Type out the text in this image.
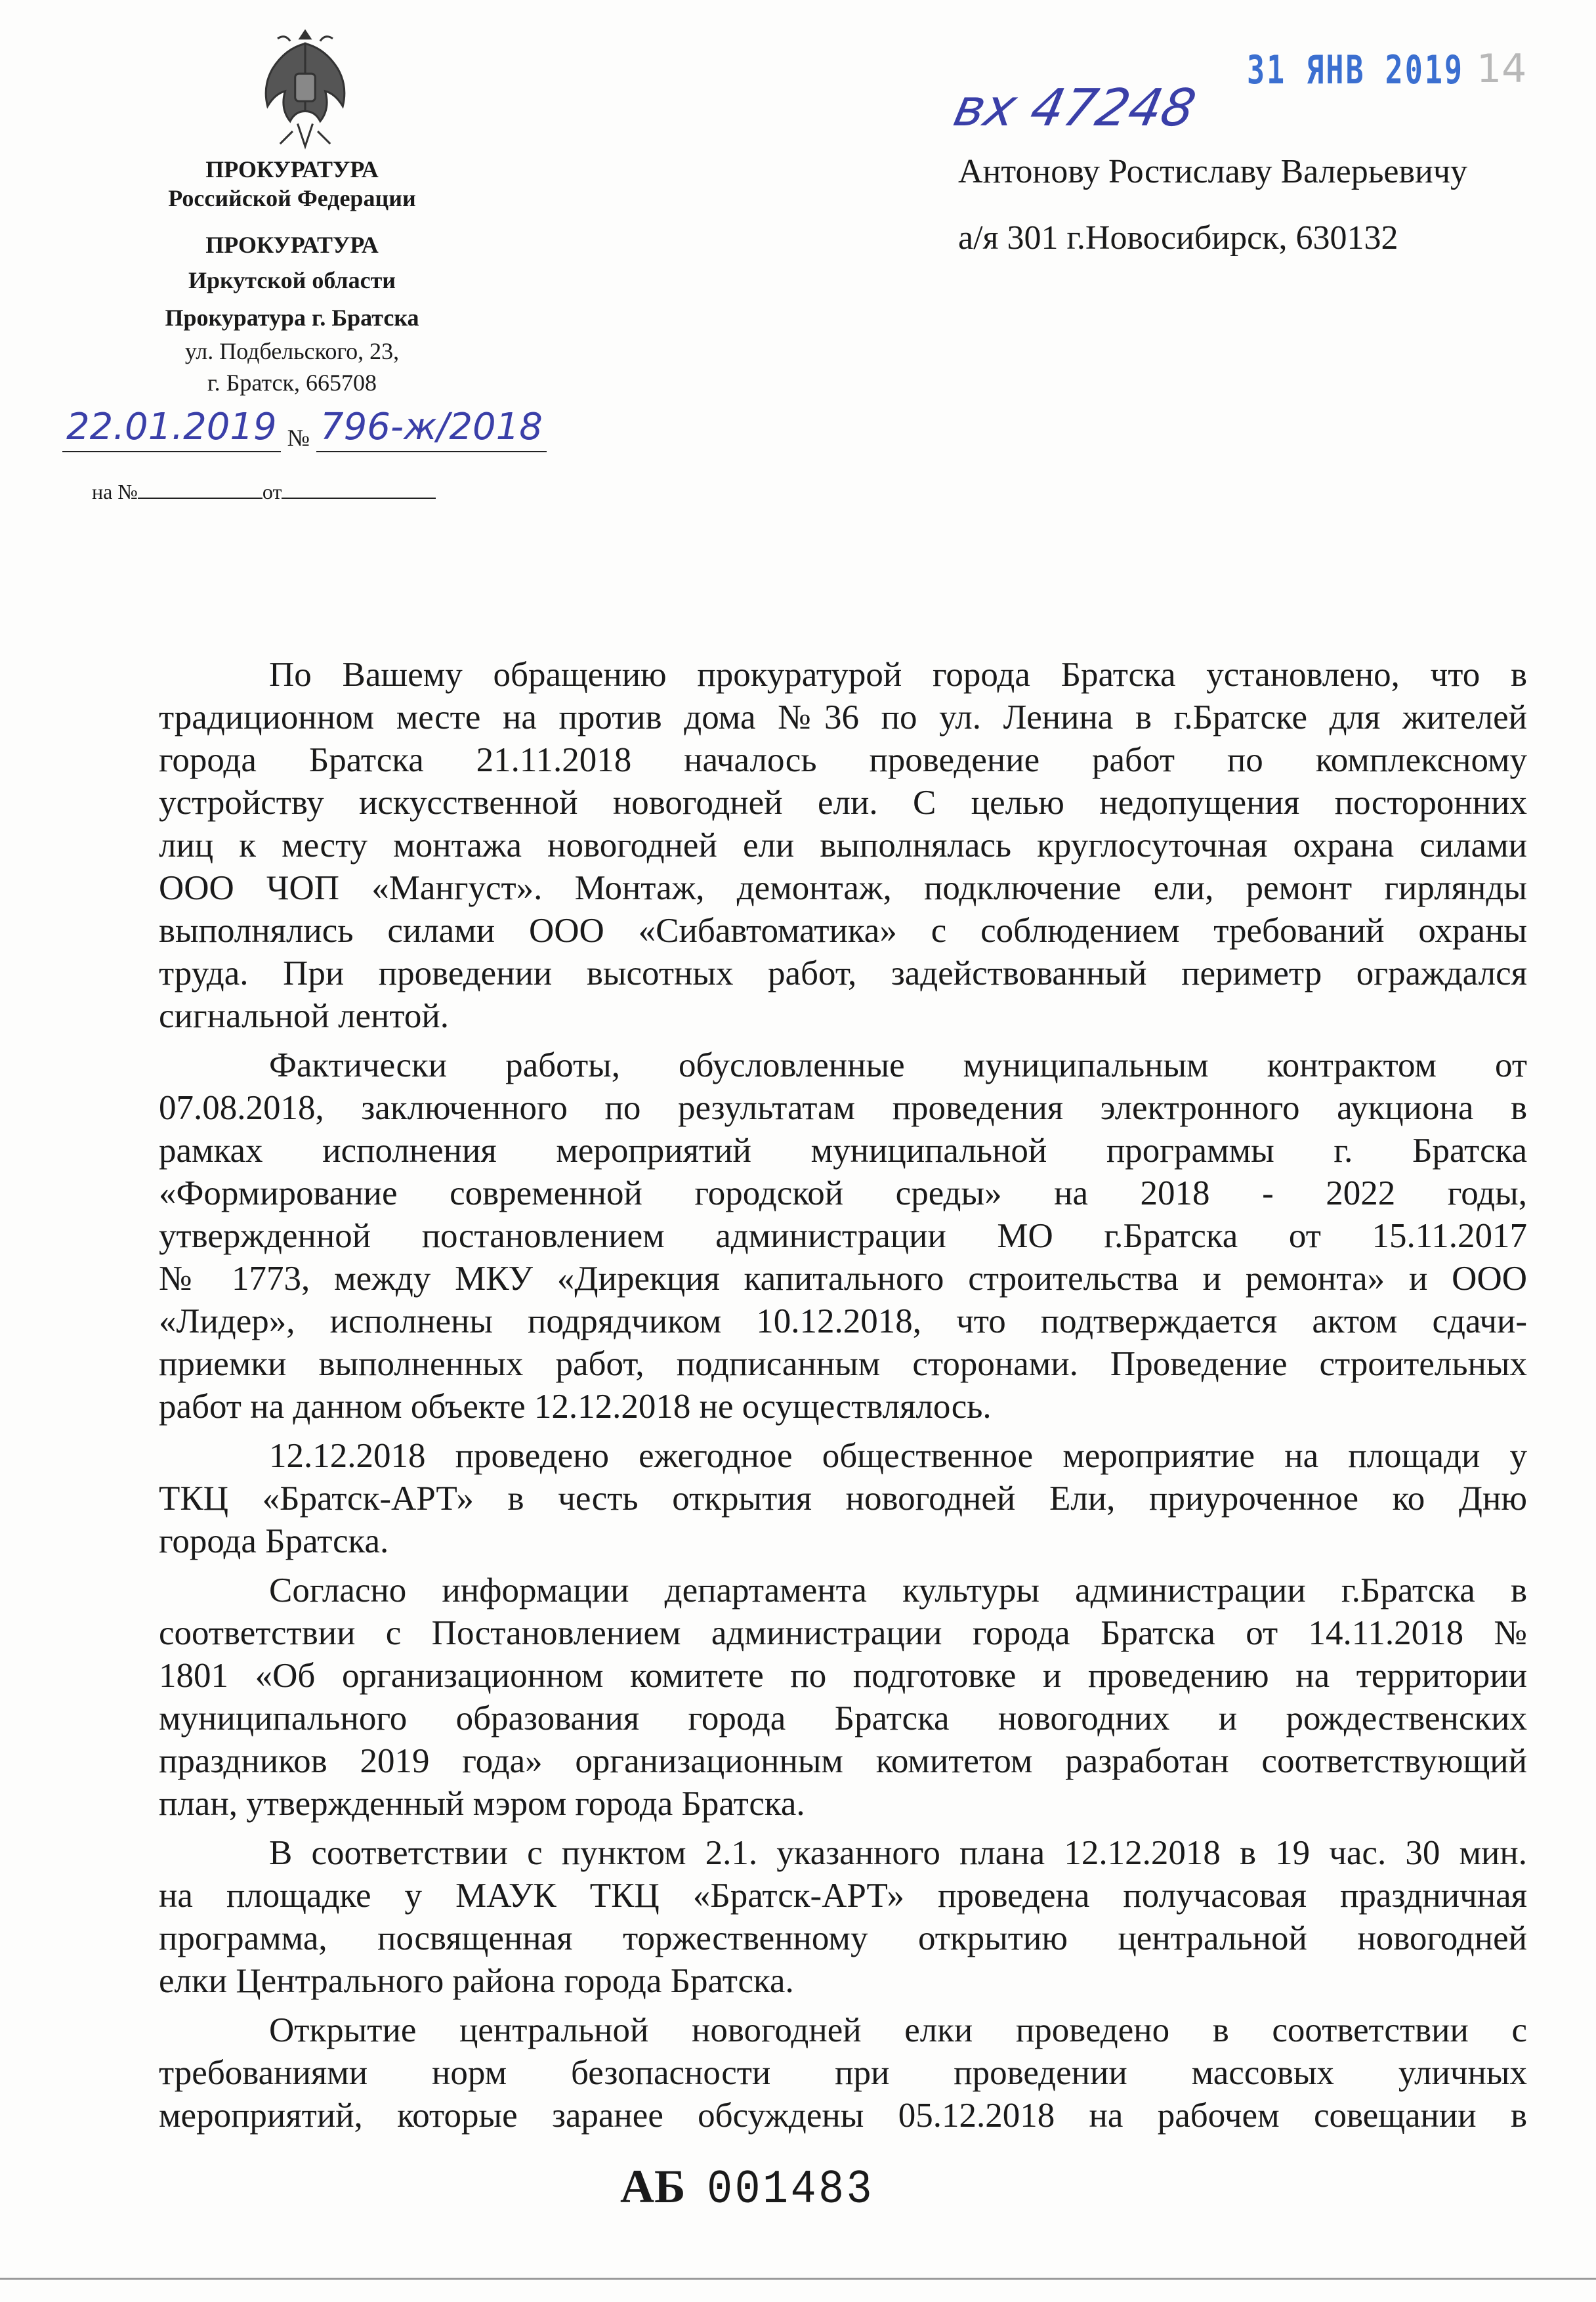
ПРОКУРАТУРА
Российской Федерации
ПРОКУРАТУРА
Иркутской области
Прокуратура г. Братска
ул. Подбельского, 23,
г. Братск, 665708
22.01.2019 № 796-ж/2018
на №	от
31 ЯНВ 2019 14
вх 47248
Антонову Ростиславу Валерьевичу
а/я 301 г.Новосибирск, 630132
По Вашему обращению прокуратурой города Братска установлено, что в
традиционном месте на против дома №36 по ул. Ленина в г.Братске для жителей
города Братска 21.11.2018 началось проведение работ по комплексному
устройству искусственной новогодней ели. С целью недопущения посторонних
лиц к месту монтажа новогодней ели выполнялась круглосуточная охрана силами
ООО ЧОП «Мангуст». Монтаж, демонтаж, подключение ели, ремонт гирлянды
выполнялись силами ООО «Сибавтоматика» с соблюдением требований охраны
труда. При проведении высотных работ, задействованный периметр ограждался
сигнальной лентой.
Фактически работы, обусловленные муниципальным контрактом от
07.08.2018, заключенного по результатам проведения электронного аукциона в
рамках исполнения мероприятий муниципальной программы г. Братска
«Формирование современной городской среды» на 2018 - 2022 годы,
утвержденной постановлением администрации МО г.Братска от 15.11.2017
№ 1773, между МКУ «Дирекция капитального строительства и ремонта» и ООО
«Лидер», исполнены подрядчиком 10.12.2018, что подтверждается актом сдачи-
приемки выполненных работ, подписанным сторонами. Проведение строительных
работ на данном объекте 12.12.2018 не осуществлялось.
12.12.2018 проведено ежегодное общественное мероприятие на площади у
ТКЦ «Братск-АРТ» в честь открытия новогодней Ели, приуроченное ко Дню
города Братска.
Согласно информации департамента культуры администрации г.Братска в
соответствии с Постановлением администрации города Братска от 14.11.2018 №
1801 «Об организационном комитете по подготовке и проведению на территории
муниципального образования города Братска новогодних и рождественских
праздников 2019 года» организационным комитетом разработан соответствующий
план, утвержденный мэром города Братска.
В соответствии с пунктом 2.1. указанного плана 12.12.2018 в 19 час. 30 мин.
на площадке у МАУК ТКЦ «Братск-АРТ» проведена получасовая праздничная
программа, посвященная торжественному открытию центральной новогодней
елки Центрального района города Братска.
Открытие центральной новогодней елки проведено в соответствии с
требованиями норм безопасности при проведении массовых уличных
мероприятий, которые заранее обсуждены 05.12.2018 на рабочем совещании в
АБ 001483
